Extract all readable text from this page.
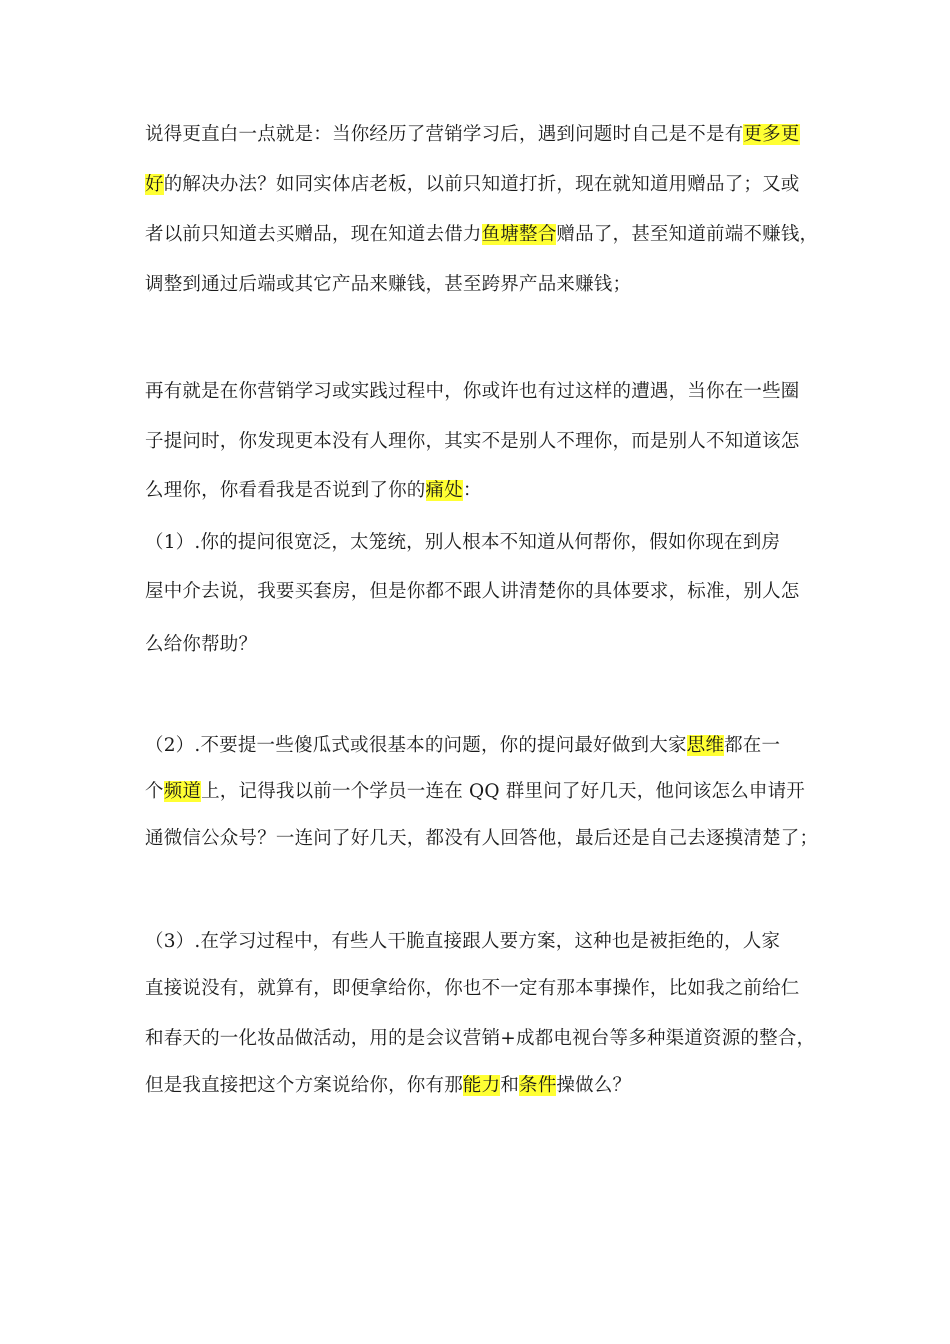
说得更直白一点就是：当你经历了营销学习后，遇到问题时自己是不是有更多更
好的解决办法？如同实体店老板，以前只知道打折，现在就知道用赠品了；又或
者以前只知道去买赠品，现在知道去借力鱼塘整合赠品了，甚至知道前端不赚钱，
调整到通过后端或其它产品来赚钱，甚至跨界产品来赚钱；
再有就是在你营销学习或实践过程中，你或许也有过这样的遭遇，当你在一些圈
子提问时，你发现更本没有人理你，其实不是别人不理你，而是别人不知道该怎
么理你，你看看我是否说到了你的痛处：
（1）.你的提问很宽泛，太笼统，别人根本不知道从何帮你，假如你现在到房
屋中介去说，我要买套房，但是你都不跟人讲清楚你的具体要求，标准，别人怎
么给你帮助？
（2）.不要提一些傻瓜式或很基本的问题，你的提问最好做到大家思维都在一
个频道上，记得我以前一个学员一连在 QQ 群里问了好几天，他问该怎么申请开
通微信公众号？一连问了好几天，都没有人回答他，最后还是自己去逐摸清楚了；
（3）.在学习过程中，有些人干脆直接跟人要方案，这种也是被拒绝的，人家
直接说没有，就算有，即便拿给你，你也不一定有那本事操作，比如我之前给仁
和春天的一化妆品做活动，用的是会议营销+成都电视台等多种渠道资源的整合，
但是我直接把这个方案说给你，你有那能力和条件操做么？
